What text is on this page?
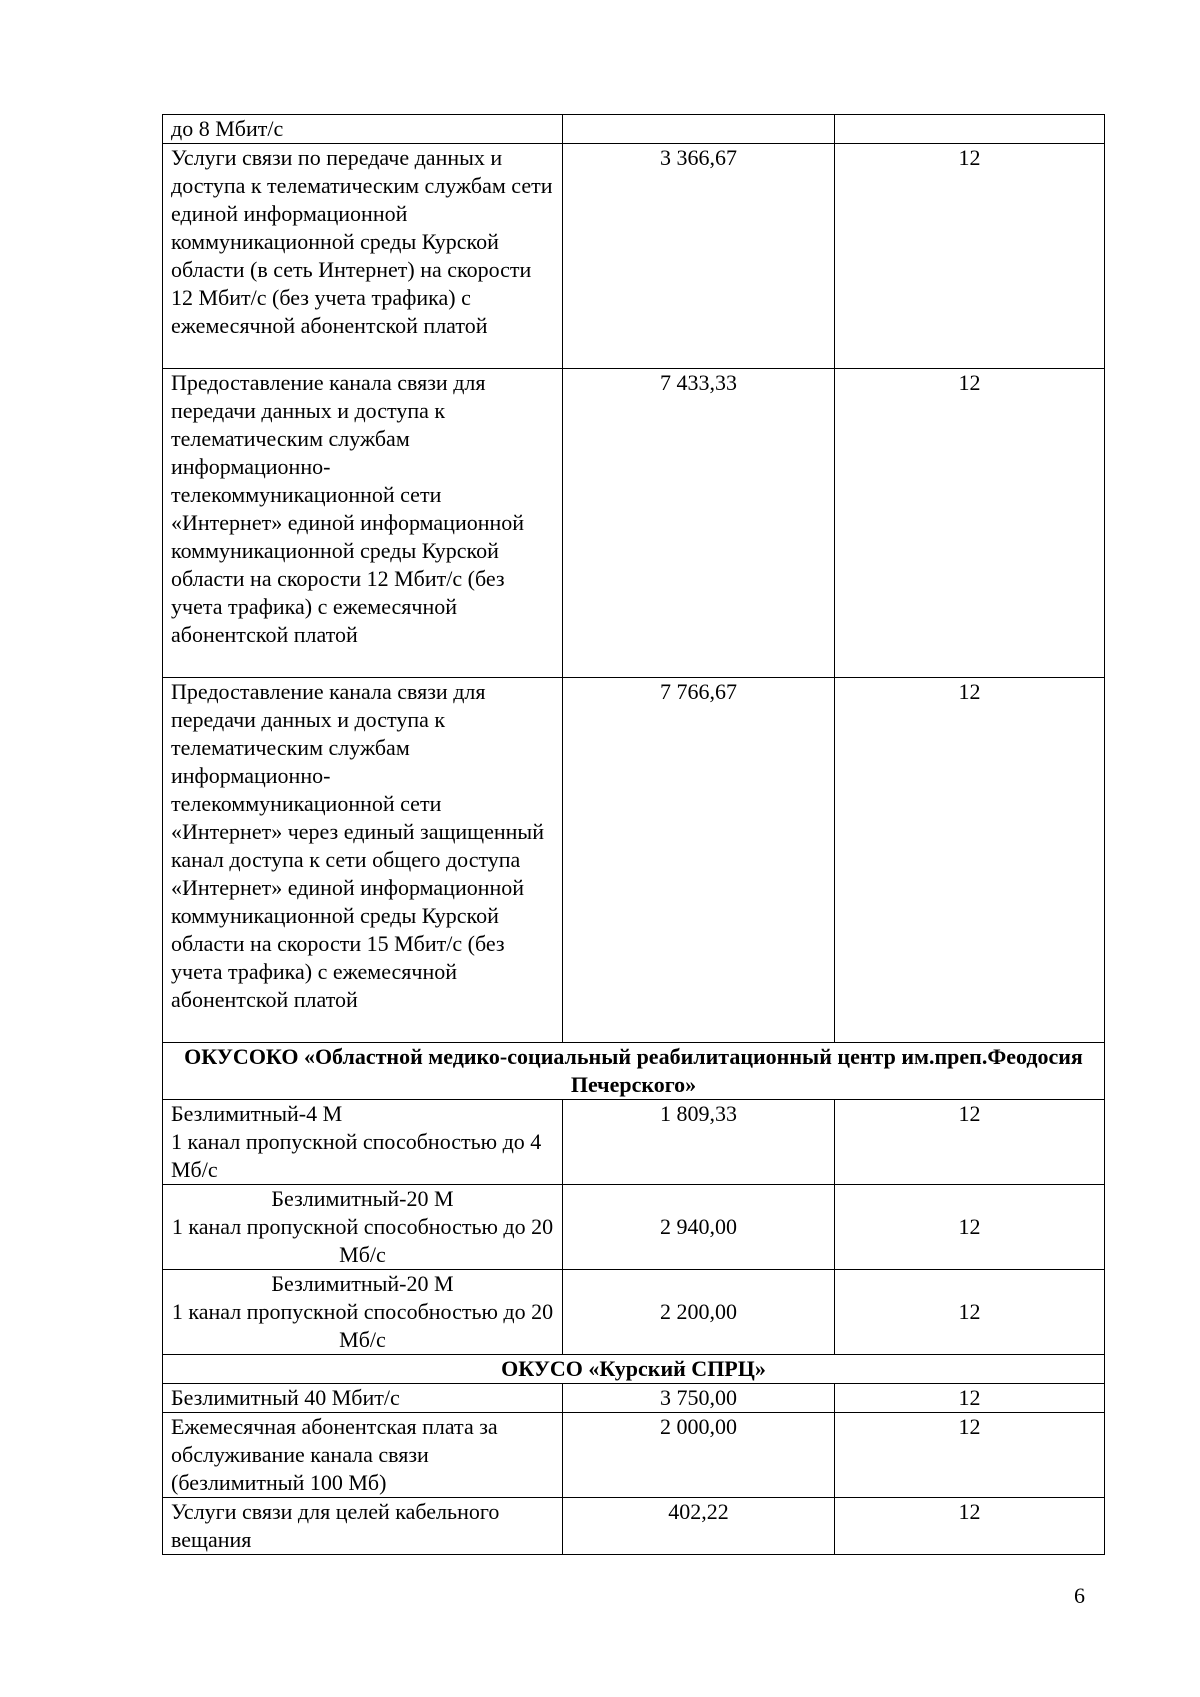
до 8 Мбит/с		
Услуги связи по передаче данных и доступа к телематическим службам сети единой информационной коммуникационной среды Курской области (в сеть Интернет) на скорости 12 Мбит/с (без учета трафика) с ежемесячной абонентской платой	3 366,67	12
Предоставление канала связи для передачи данных и доступа к телематическим службам информационно-телекоммуникационной сети «Интернет» единой информационной коммуникационной среды Курской области на скорости 12 Мбит/с (без учета трафика) с ежемесячной абонентской платой	7 433,33	12
Предоставление канала связи для передачи данных и доступа к телематическим службам информационно-телекоммуникационной сети «Интернет» через единый защищенный канал доступа к сети общего доступа «Интернет» единой информационной коммуникационной среды Курской области на скорости 15 Мбит/с (без учета трафика) с ежемесячной абонентской платой	7 766,67	12
ОКУСОКО «Областной медико-социальный реабилитационный центр им.преп.Феодосия Печерского»		
Безлимитный-4 М
1 канал пропускной способностью до 4 Мб/с	1 809,33	12
Безлимитный-20 М
1 канал пропускной способностью до 20 Мб/с	2 940,00	12
Безлимитный-20 М
1 канал пропускной способностью до 20 Мб/с	2 200,00	12
ОКУСО «Курский СПРЦ»		
Безлимитный 40 Мбит/с	3 750,00	12
Ежемесячная абонентская плата за обслуживание канала связи (безлимитный 100 Мб)	2 000,00	12
Услуги связи для целей кабельного вещания	402,22	12
6
